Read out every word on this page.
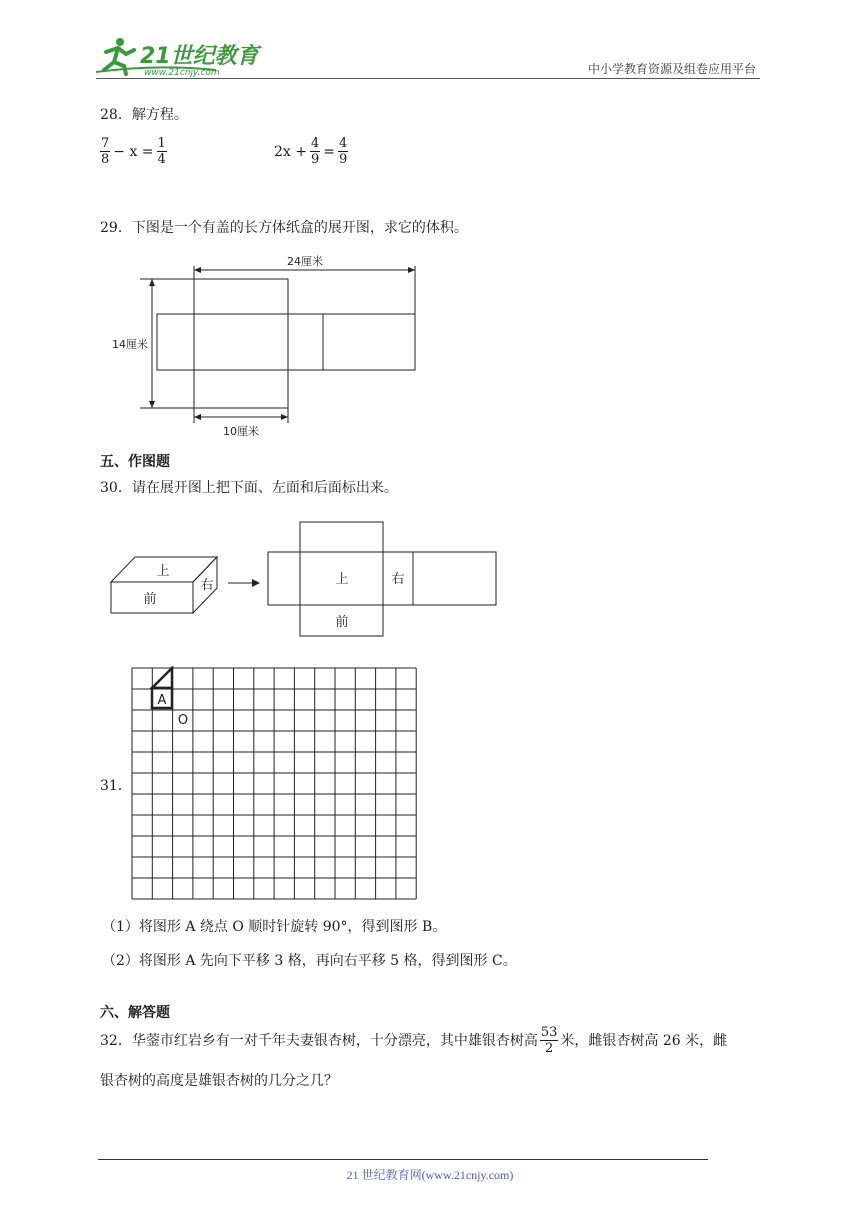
21世纪教育
www.21cnjy.com	中小学教育资源及组卷应用平台
28．解方程。
$\frac{7}{8} - x = \frac{1}{4}$	$2x + \frac{4}{9} = \frac{4}{9}$
29．下图是一个有盖的长方体纸盒的展开图，求它的体积。
24厘米
14厘米
10厘米
五、作图题
30．请在展开图上把下面、左面和后面标出来。
上
前
右	上	右
前
31．
A
O
（1）将图形 A 绕点 O 顺时针旋转 90°，得到图形 B。
（2）将图形 A 先向下平移 3 格，再向右平移 5 格，得到图形 C。
六、解答题
32．华蓥市红岩乡有一对千年夫妻银杏树，十分漂亮，其中雄银杏树高 $\frac{53}{2}$ 米，雌银杏树高 26 米，雌
银杏树的高度是雄银杏树的几分之几？
21 世纪教育网(www.21cnjy.com)
